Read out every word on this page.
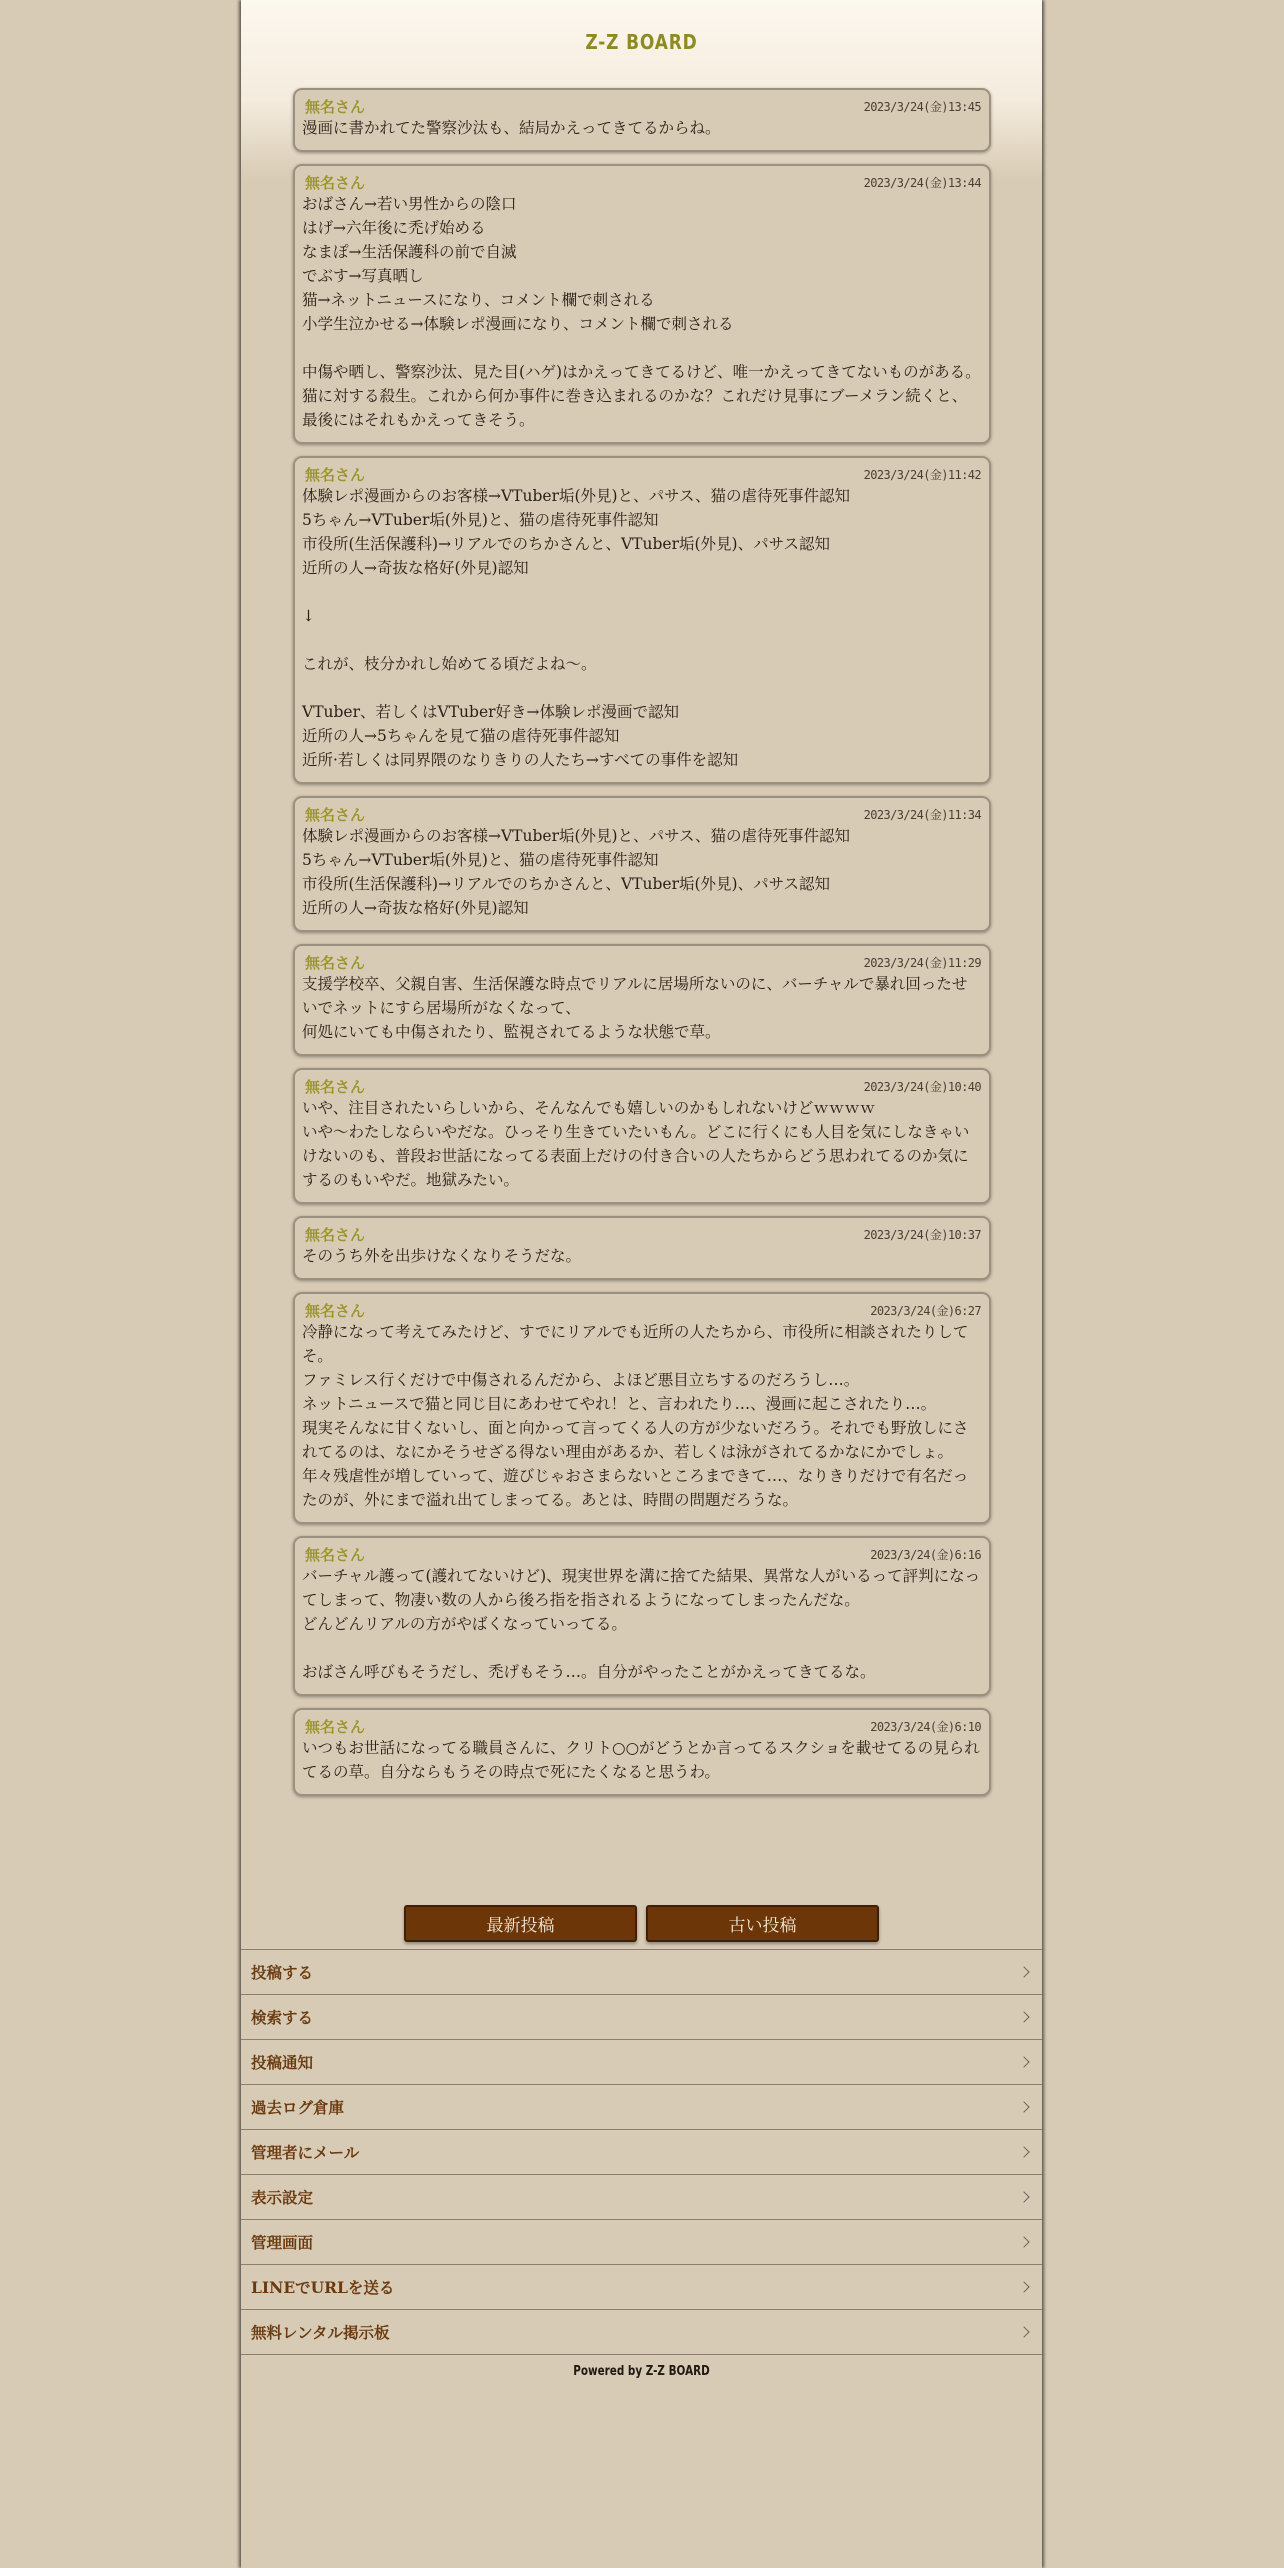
Z-Z BOARD
無名さん	2023/3/24(金)13:45
漫画に書かれてた警察沙汰も、結局かえってきてるからね。
無名さん	2023/3/24(金)13:44
おばさん→若い男性からの陰口
はげ→六年後に禿げ始める
なまぽ→生活保護科の前で自滅
でぶす→写真晒し
猫→ネットニュースになり、コメント欄で刺される
小学生泣かせる→体験レポ漫画になり、コメント欄で刺される

中傷や晒し、警察沙汰、見た目(ハゲ)はかえってきてるけど、唯一かえってきてないものがある。猫に対する殺生。これから何か事件に巻き込まれるのかな？これだけ見事にブーメラン続くと、最後にはそれもかえってきそう。
無名さん	2023/3/24(金)11:42
体験レポ漫画からのお客様→VTuber垢(外見)と、パサス、猫の虐待死事件認知
5ちゃん→VTuber垢(外見)と、猫の虐待死事件認知
市役所(生活保護科)→リアルでのちかさんと、VTuber垢(外見)、パサス認知
近所の人→奇抜な格好(外見)認知

↓

これが、枝分かれし始めてる頃だよね～。

VTuber、若しくはVTuber好き→体験レポ漫画で認知
近所の人→5ちゃんを見て猫の虐待死事件認知
近所·若しくは同界隈のなりきりの人たち→すべての事件を認知
無名さん	2023/3/24(金)11:34
体験レポ漫画からのお客様→VTuber垢(外見)と、パサス、猫の虐待死事件認知
5ちゃん→VTuber垢(外見)と、猫の虐待死事件認知
市役所(生活保護科)→リアルでのちかさんと、VTuber垢(外見)、パサス認知
近所の人→奇抜な格好(外見)認知
無名さん	2023/3/24(金)11:29
支援学校卒、父親自害、生活保護な時点でリアルに居場所ないのに、バーチャルで暴れ回ったせいでネットにすら居場所がなくなって、
何処にいても中傷されたり、監視されてるような状態で草。
無名さん	2023/3/24(金)10:40
いや、注目されたいらしいから、そんなんでも嬉しいのかもしれないけどｗｗｗｗ
いや～わたしならいやだな。ひっそり生きていたいもん。どこに行くにも人目を気にしなきゃいけないのも、普段お世話になってる表面上だけの付き合いの人たちからどう思われてるのか気にするのもいやだ。地獄みたい。
無名さん	2023/3/24(金)10:37
そのうち外を出歩けなくなりそうだな。
無名さん	2023/3/24(金)6:27
冷静になって考えてみたけど、すでにリアルでも近所の人たちから、市役所に相談されたりしてそ。
ファミレス行くだけで中傷されるんだから、よほど悪目立ちするのだろうし…。
ネットニュースで猫と同じ目にあわせてやれ！と、言われたり…、漫画に起こされたり…。
現実そんなに甘くないし、面と向かって言ってくる人の方が少ないだろう。それでも野放しにされてるのは、なにかそうせざる得ない理由があるか、若しくは泳がされてるかなにかでしょ。
年々残虐性が増していって、遊びじゃおさまらないところまできて…、なりきりだけで有名だったのが、外にまで溢れ出てしまってる。あとは、時間の問題だろうな。
無名さん	2023/3/24(金)6:16
バーチャル護って(護れてないけど)、現実世界を溝に捨てた結果、異常な人がいるって評判になってしまって、物凄い数の人から後ろ指を指されるようになってしまったんだな。
どんどんリアルの方がやばくなっていってる。

おばさん呼びもそうだし、禿げもそう…。自分がやったことがかえってきてるな。
無名さん	2023/3/24(金)6:10
いつもお世話になってる職員さんに、クリト○○がどうとか言ってるスクショを載せてるの見られてるの草。自分ならもうその時点で死にたくなると思うわ。
最新投稿	古い投稿
投稿する
検索する
投稿通知
過去ログ倉庫
管理者にメール
表示設定
管理画面
LINEでURLを送る
無料レンタル掲示板
Powered by Z-Z BOARD
